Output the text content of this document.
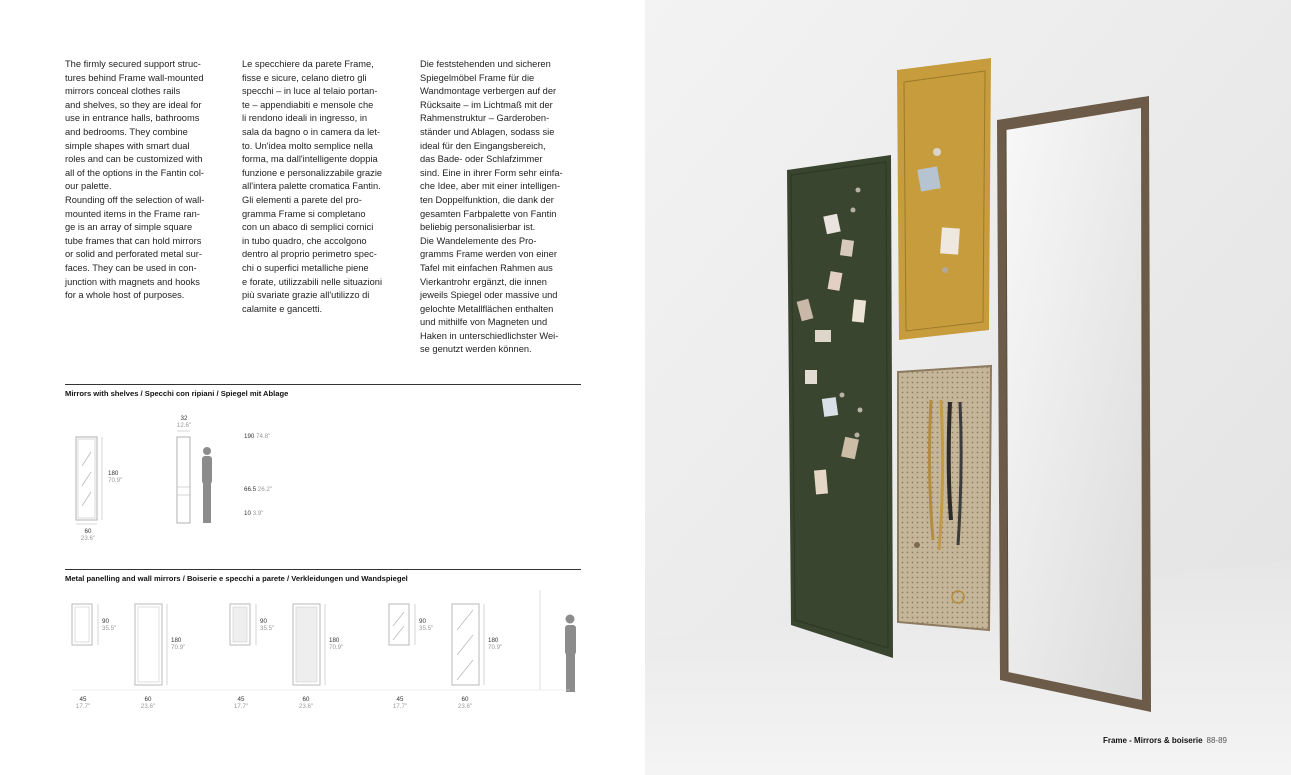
The firmly secured support struc-
tures behind Frame wall-mounted
mirrors conceal clothes rails
and shelves, so they are ideal for
use in entrance halls, bathrooms
and bedrooms. They combine
simple shapes with smart dual
roles and can be customized with
all of the options in the Fantin col-
our palette.
Rounding off the selection of wall-
mounted items in the Frame ran-
ge is an array of simple square
tube frames that can hold mirrors
or solid and perforated metal sur-
faces. They can be used in con-
junction with magnets and hooks
for a whole host of purposes.
Le specchiere da parete Frame,
fisse e sicure, celano dietro gli
specchi – in luce al telaio portan-
te – appendiabiti e mensole che
li rendono ideali in ingresso, in
sala da bagno o in camera da let-
to. Un'idea molto semplice nella
forma, ma dall'intelligente doppia
funzione e personalizzabile grazie
all'intera palette cromatica Fantin.
Gli elementi a parete del pro-
gramma Frame si completano
con un abaco di semplici cornici
in tubo quadro, che accolgono
dentro al proprio perimetro spec-
chi o superfici metalliche piene
e forate, utilizzabili nelle situazioni
più svariate grazie all'utilizzo di
calamite e gancetti.
Die feststehenden und sicheren
Spiegelmöbel Frame für die
Wandmontage verbergen auf der
Rücksaite – im Lichtmaß mit der
Rahmenstruktur – Garderoben-
ständer und Ablagen, sodass sie
ideal für den Eingangsbereich,
das Bade- oder Schlafzimmer
sind. Eine in ihrer Form sehr einfa-
che Idee, aber mit einer intelligen-
ten Doppelfunktion, die dank der
gesamten Farbpalette von Fantin
beliebig personalisierbar ist.
Die Wandelemente des Pro-
gramms Frame werden von einer
Tafel mit einfachen Rahmen aus
Vierkantrohr ergänzt, die innen
jeweils Spiegel oder massive und
gelochte Metallflächen enthalten
und mithilfe von Magneten und
Haken in unterschiedlichster Wei-
se genutzt werden können.
Mirrors with shelves / Specchi con ripiani / Spiegel mit Ablage
32
12.6"
180
70.9"
60
23.6"
190 74.8"
66.5 26.2"
10 3.9"
Metal panelling and wall mirrors / Boiserie e specchi a parete / Verkleidungen und Wandspiegel
90
35.5"
180
70.9"
45
17.7"
60
23.6"
90
35.5"
180
70.9"
45
17.7"
60
23.6"
90
35.5"
180
70.9"
45
17.7"
60
23.6"
Frame - Mirrors & boiserie 88-89
